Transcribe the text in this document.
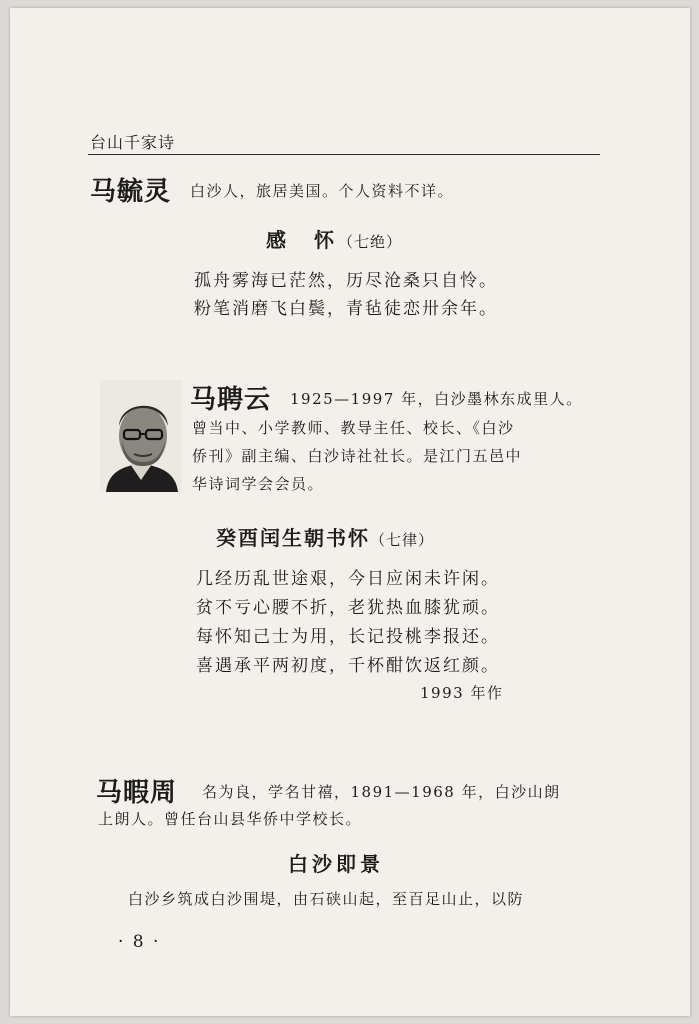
台山千家诗
马毓灵 白沙人，旅居美国。个人资料不详。
感　怀（七绝）
孤舟雾海已茫然，历尽沧桑只自怜。
粉笔消磨飞白鬓，青毡徒恋卅余年。
马聘云 1925—1997 年，白沙墨林东成里人。
曾当中、小学教师、教导主任、校长、《白沙
侨刊》副主编、白沙诗社社长。是江门五邑中
华诗词学会会员。
癸酉闰生朝书怀（七律）
几经历乱世途艰，今日应闲未许闲。
贫不亏心腰不折，老犹热血膝犹顽。
每怀知己士为用，长记投桃李报还。
喜遇承平两初度，千杯酣饮返红颜。
1993 年作
马暇周 名为良，学名甘禧，1891—1968 年，白沙山朗
上朗人。曾任台山县华侨中学校长。
白沙即景
白沙乡筑成白沙围堤，由石硖山起，至百足山止，以防
· 8 ·
